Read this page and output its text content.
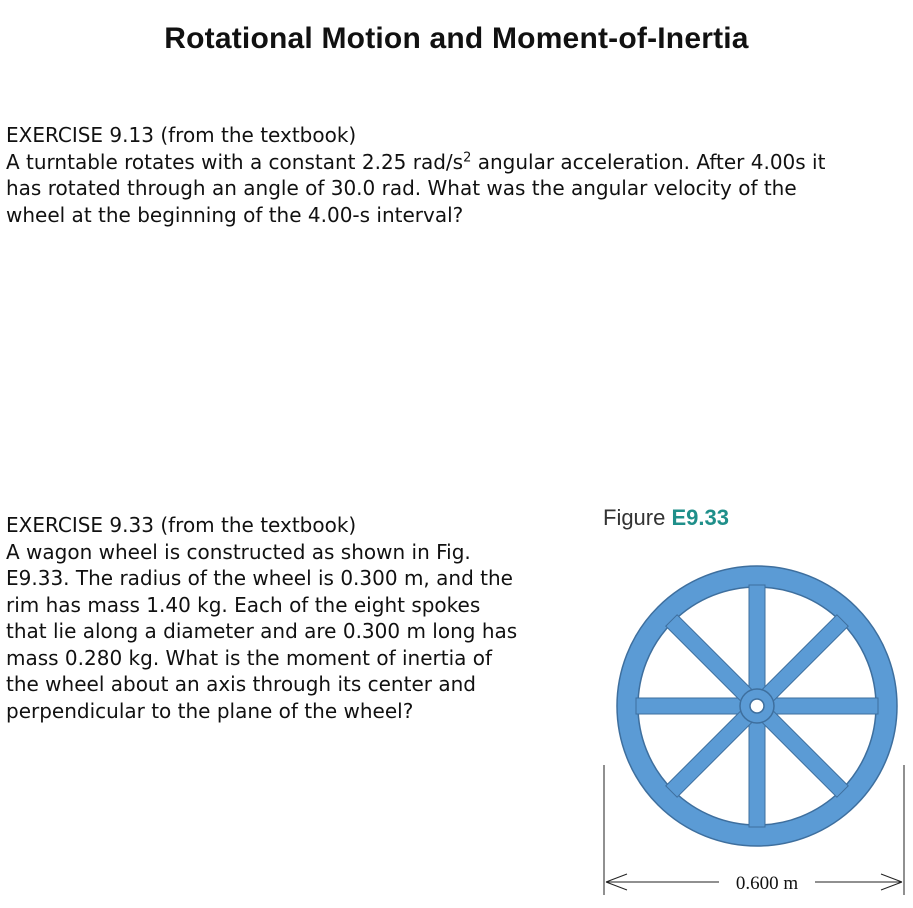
Rotational Motion and Moment-of-Inertia
EXERCISE 9.13 (from the textbook)
A turntable rotates with a constant 2.25 rad/$s^2$ angular acceleration. After 4.00s it
has rotated through an angle of 30.0 rad. What was the angular velocity of the
wheel at the beginning of the 4.00-s interval?
EXERCISE 9.33 (from the textbook)
A wagon wheel is constructed as shown in Fig.
E9.33. The radius of the wheel is 0.300 m, and the
rim has mass 1.40 kg. Each of the eight spokes
that lie along a diameter and are 0.300 m long has
mass 0.280 kg. What is the moment of inertia of
the wheel about an axis through its center and
perpendicular to the plane of the wheel?
Figure E9.33
0.600 m
